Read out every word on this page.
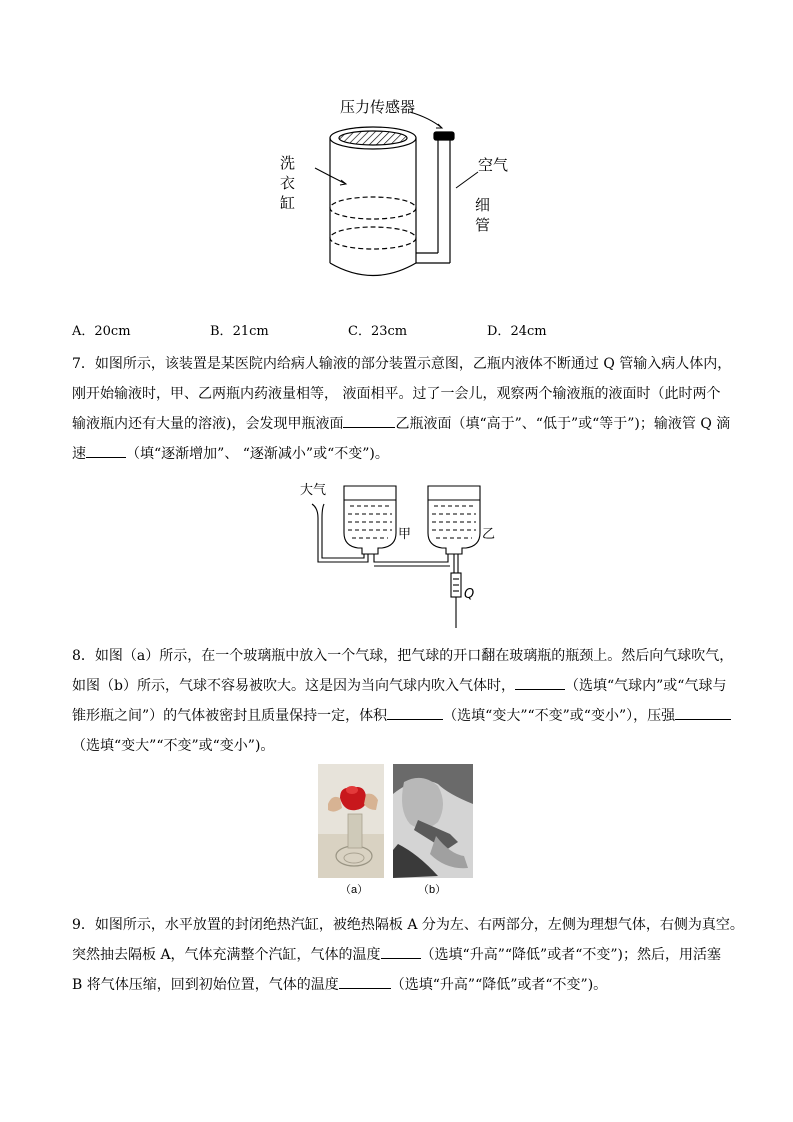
压力传感器
洗
衣
缸
空气
细
管
A．20cm	B．21cm	C．23cm	D．24cm
7．如图所示，该装置是某医院内给病人输液的部分装置示意图，乙瓶内液体不断通过 Q 管输入病人体内，
刚开始输液时，甲、乙两瓶内药液量相等， 液面相平。过了一会儿，观察两个输液瓶的液面时（此时两个
输液瓶内还有大量的溶液)，会发现甲瓶液面	乙瓶液面（填“高于”、“低于”或“等于”)；输液管 Q 滴
速	（填“逐渐增加”、 “逐渐减小”或“不变”)。
大气
甲	乙
Q
8．如图（a）所示，在一个玻璃瓶中放入一个气球，把气球的开口翻在玻璃瓶的瓶颈上。然后向气球吹气，
如图（b）所示，气球不容易被吹大。这是因为当向气球内吹入气体时，	（选填“气球内”或“气球与
锥形瓶之间”）的气体被密封且质量保持一定，体积	（选填“变大”“不变”或“变小”），压强
（选填“变大”“不变”或“变小”)。
（a）	（b）
9．如图所示，水平放置的封闭绝热汽缸，被绝热隔板 A 分为左、右两部分，左侧为理想气体，右侧为真空。
突然抽去隔板 A，气体充满整个汽缸，气体的温度	（选填“升高”“降低”或者“不变”)；然后，用活塞
B 将气体压缩，回到初始位置，气体的温度	（选填“升高”“降低”或者“不变”)。
